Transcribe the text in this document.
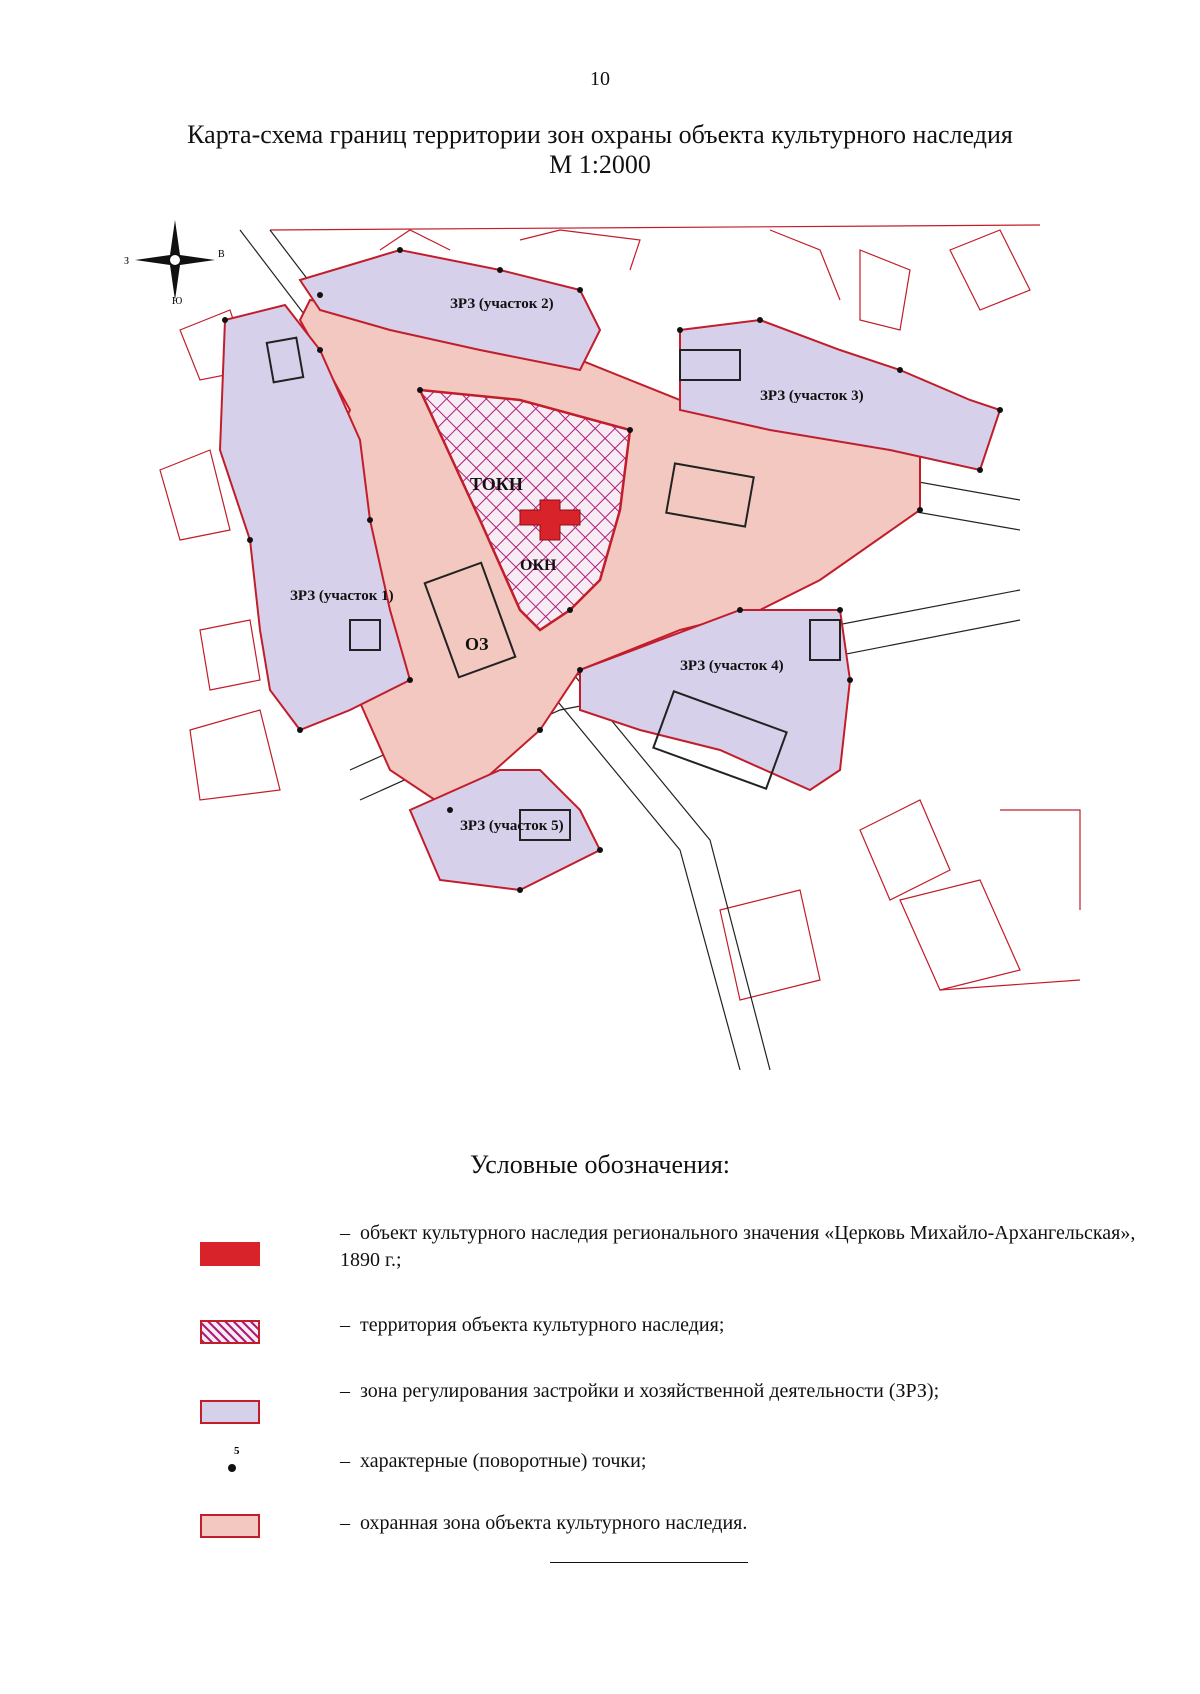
10
Карта-схема границ территории зон охраны объекта культурного наследия
М 1:2000
З
В
Ю
ТОКН
ОКН
ОЗ
ЗРЗ (участок 1)
ЗРЗ (участок 2)
ЗРЗ (участок 3)
ЗРЗ (участок 4)
ЗРЗ (участок 5)
Условные обозначения:
– объект культурного наследия регионального значения «Церковь Михайло-Архангельская», 1890 г.;
– территория объекта культурного наследия;
– зона регулирования застройки и хозяйственной деятельности (ЗРЗ);
5	– характерные (поворотные) точки;
– охранная зона объекта культурного наследия.
